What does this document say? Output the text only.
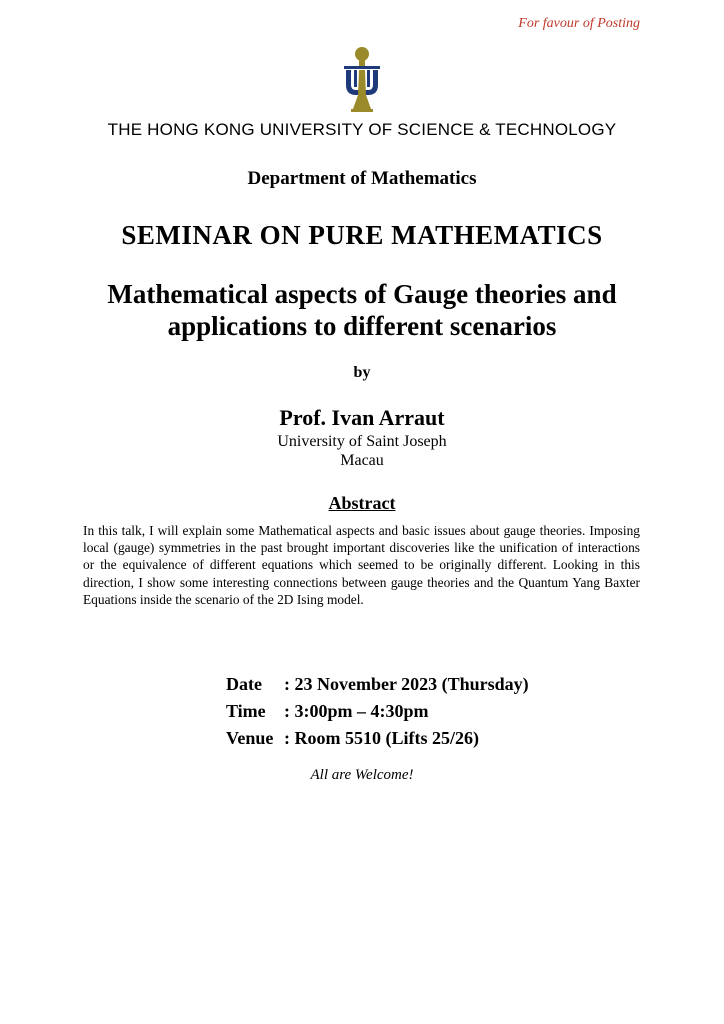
For favour of Posting
THE HONG KONG UNIVERSITY OF SCIENCE & TECHNOLOGY
Department of Mathematics
SEMINAR ON PURE MATHEMATICS
Mathematical aspects of Gauge theories and applications to different scenarios
by
Prof. Ivan Arraut
University of Saint Joseph
Macau
Abstract
In this talk, I will explain some Mathematical aspects and basic issues about gauge theories. Imposing local (gauge) symmetries in the past brought important discoveries like the unification of interactions or the equivalence of different equations which seemed to be originally different. Looking in this direction, I show some interesting connections between gauge theories and the Quantum Yang Baxter Equations inside the scenario of the 2D Ising model.
Date : 23 November 2023 (Thursday)
Time : 3:00pm – 4:30pm
Venue : Room 5510 (Lifts 25/26)
All are Welcome!
